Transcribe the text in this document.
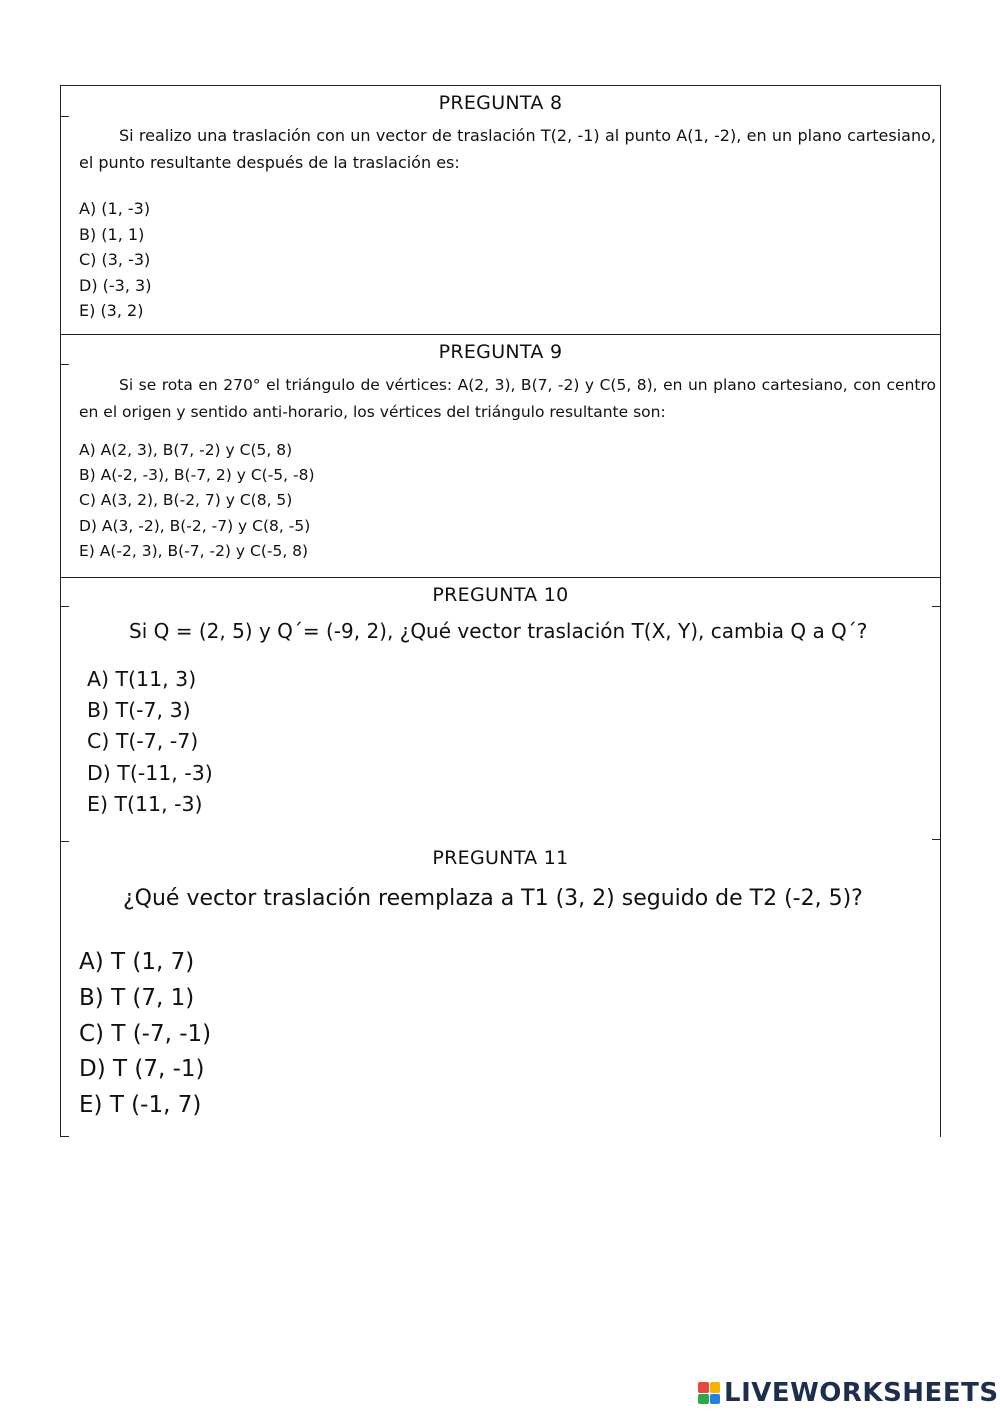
PREGUNTA 8

Si realizo una traslación con un vector de traslación T(2, -1) al punto A(1, -2), en un plano cartesiano, el punto resultante después de la traslación es:

A) (1, -3)
B) (1, 1)
C) (3, -3)
D) (-3, 3)
E) (3, 2)
PREGUNTA 9

Si se rota en 270° el triángulo de vértices: A(2, 3), B(7, -2) y C(5, 8), en un plano cartesiano, con centro en el origen y sentido anti-horario, los vértices del triángulo resultante son:

A) A(2, 3), B(7, -2) y C(5, 8)
B) A(-2, -3), B(-7, 2) y C(-5, -8)
C) A(3, 2), B(-2, 7) y C(8, 5)
D) A(3, -2), B(-2, -7) y C(8, -5)
E) A(-2, 3), B(-7, -2) y C(-5, 8)
PREGUNTA 10

Si Q = (2, 5) y Q´= (-9, 2), ¿Qué vector traslación T(X, Y), cambia Q a Q´?

A) T(11, 3)
B) T(-7, 3)
C) T(-7, -7)
D) T(-11, -3)
E) T(11, -3)
PREGUNTA 11

¿Qué vector traslación reemplaza a T1 (3, 2) seguido de T2 (-2, 5)?

A) T (1, 7)
B) T (7, 1)
C) T (-7, -1)
D) T (7, -1)
E) T (-1, 7)
LIVEWORKSHEETS
